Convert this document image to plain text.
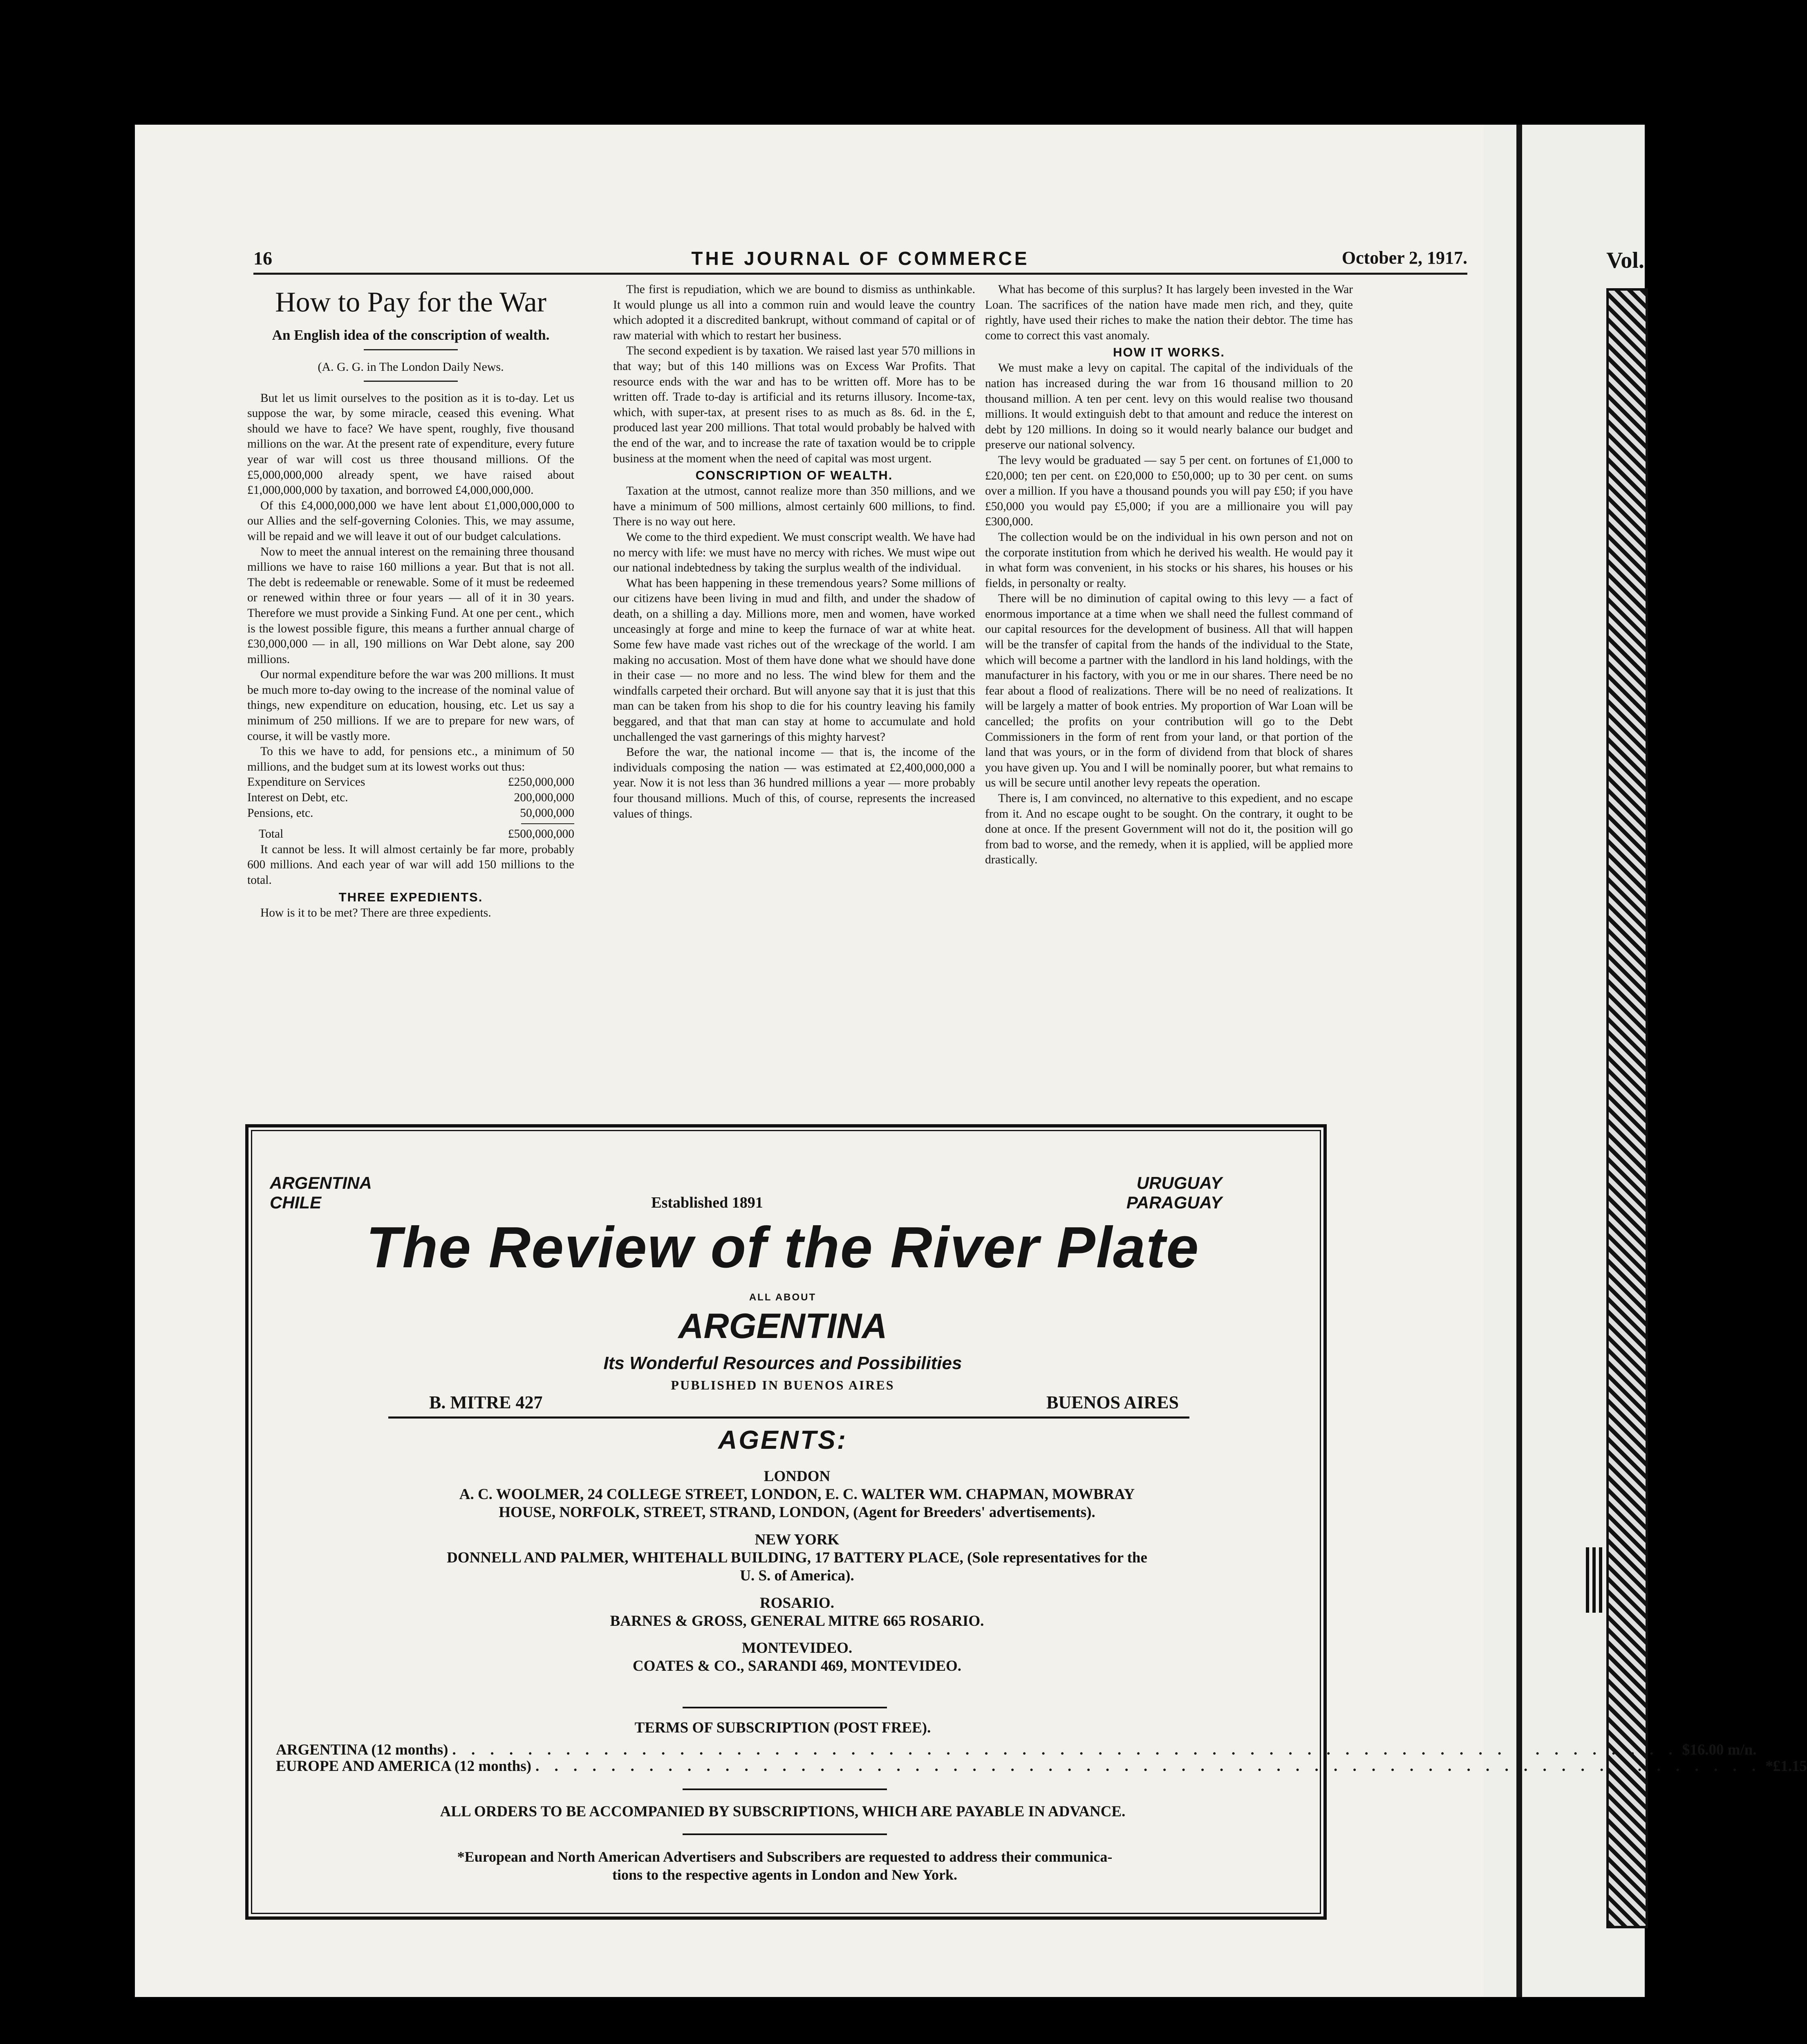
Vol.
16	THE JOURNAL OF COMMERCE	October 2, 1917.
How to Pay for the War
An English idea of the conscription of wealth.
(A. G. G. in The London Daily News.

But let us limit ourselves to the position as it is to-day. Let us suppose the war, by some miracle, ceased this evening. What should we have to face? We have spent, roughly, five thousand millions on the war. At the present rate of expenditure, every future year of war will cost us three thousand millions. Of the £5,000,000,000 already spent, we have raised about £1,000,000,000 by taxation, and borrowed £4,000,000,000.

Of this £4,000,000,000 we have lent about £1,000,000,000 to our Allies and the self-governing Colonies. This, we may assume, will be repaid and we will leave it out of our budget calculations.

Now to meet the annual interest on the remaining three thousand millions we have to raise 160 millions a year. But that is not all. The debt is redeemable or renewable. Some of it must be redeemed or renewed within three or four years — all of it in 30 years. Therefore we must provide a Sinking Fund. At one per cent., which is the lowest possible figure, this means a further annual charge of £30,000,000 — in all, 190 millions on War Debt alone, say 200 millions.

Our normal expenditure before the war was 200 millions. It must be much more to-day owing to the increase of the nominal value of things, new expenditure on education, housing, etc. Let us say a minimum of 250 millions. If we are to prepare for new wars, of course, it will be vastly more.

To this we have to add, for pensions etc., a minimum of 50 millions, and the budget sum at its lowest works out thus:

Expenditure on Services	£250,000,000
Interest on Debt, etc.	200,000,000
Pensions, etc.	50,000,000
Total	£500,000,000

It cannot be less. It will almost certainly be far more, probably 600 millions. And each year of war will add 150 millions to the total.

THREE EXPEDIENTS.

How is it to be met? There are three expedients.

The first is repudiation, which we are bound to dismiss as unthinkable. It would plunge us all into a common ruin and would leave the country which adopted it a discredited bankrupt, without command of capital or of raw material with which to restart her business.

The second expedient is by taxation. We raised last year 570 millions in that way; but of this 140 millions was on Excess War Profits. That resource ends with the war and has to be written off. More has to be written off. Trade to-day is artificial and its returns illusory. Income-tax, which, with super-tax, at present rises to as much as 8s. 6d. in the £, produced last year 200 millions. That total would probably be halved with the end of the war, and to increase the rate of taxation would be to cripple business at the moment when the need of capital was most urgent.

CONSCRIPTION OF WEALTH.

Taxation at the utmost, cannot realize more than 350 millions, and we have a minimum of 500 millions, almost certainly 600 millions, to find. There is no way out here.

We come to the third expedient. We must conscript wealth. We have had no mercy with life: we must have no mercy with riches. We must wipe out our national indebtedness by taking the surplus wealth of the individual.

What has been happening in these tremendous years? Some millions of our citizens have been living in mud and filth, and under the shadow of death, on a shilling a day. Millions more, men and women, have worked unceasingly at forge and mine to keep the furnace of war at white heat. Some few have made vast riches out of the wreckage of the world. I am making no accusation. Most of them have done what we should have done in their case — no more and no less. The wind blew for them and the windfalls carpeted their orchard. But will anyone say that it is just that this man can be taken from his shop to die for his country leaving his family beggared, and that that man can stay at home to accumulate and hold unchallenged the vast garnerings of this mighty harvest?

Before the war, the national income — that is, the income of the individuals composing the nation — was estimated at £2,400,000,000 a year. Now it is not less than 36 hundred millions a year — more probably four thousand millions. Much of this, of course, represents the increased values of things.

What has become of this surplus? It has largely been invested in the War Loan. The sacrifices of the nation have made men rich, and they, quite rightly, have used their riches to make the nation their debtor. The time has come to correct this vast anomaly.

HOW IT WORKS.

We must make a levy on capital. The capital of the individuals of the nation has increased during the war from 16 thousand million to 20 thousand million. A ten per cent. levy on this would realise two thousand millions. It would extinguish debt to that amount and reduce the interest on debt by 120 millions. In doing so it would nearly balance our budget and preserve our national solvency.

The levy would be graduated — say 5 per cent. on fortunes of £1,000 to £20,000; ten per cent. on £20,000 to £50,000; up to 30 per cent. on sums over a million. If you have a thousand pounds you will pay £50; if you have £50,000 you would pay £5,000; if you are a millionaire you will pay £300,000.

The collection would be on the individual in his own person and not on the corporate institution from which he derived his wealth. He would pay it in what form was convenient, in his stocks or his shares, his houses or his fields, in personalty or realty.

There will be no diminution of capital owing to this levy — a fact of enormous importance at a time when we shall need the fullest command of our capital resources for the development of business. All that will happen will be the transfer of capital from the hands of the individual to the State, which will become a partner with the landlord in his land holdings, with the manufacturer in his factory, with you or me in our shares. There need be no fear about a flood of realizations. There will be no need of realizations. It will be largely a matter of book entries. My proportion of War Loan will be cancelled; the profits on your contribution will go to the Debt Commissioners in the form of rent from your land, or that portion of the land that was yours, or in the form of dividend from that block of shares you have given up. You and I will be nominally poorer, but what remains to us will be secure until another levy repeats the operation.

There is, I am convinced, no alternative to this expedient, and no escape from it. And no escape ought to be sought. On the contrary, it ought to be done at once. If the present Government will not do it, the position will go from bad to worse, and the remedy, when it is applied, will be applied more drastically.

ARGENTINA
CHILE	Established 1891
URUGUAY
PARAGUAY
The Review of the River Plate
ALL ABOUT
ARGENTINA
Its Wonderful Resources and Possibilities
PUBLISHED IN BUENOS AIRES
B. MITRE 427	BUENOS AIRES
AGENTS:
LONDON
A. C. WOOLMER, 24 COLLEGE STREET, LONDON, E. C. WALTER WM. CHAPMAN, MOWBRAY
HOUSE, NORFOLK, STREET, STRAND, LONDON, (Agent for Breeders' advertisements).
NEW YORK
DONNELL AND PALMER, WHITEHALL BUILDING, 17 BATTERY PLACE, (Sole representatives for the
U. S. of America).
ROSARIO.
BARNES & GROSS, GENERAL MITRE 665 ROSARIO.
MONTEVIDEO.
COATES & CO., SARANDI 469, MONTEVIDEO.
TERMS OF SUBSCRIPTION (POST FREE).
ARGENTINA (12 months) . . . . . . . . . . . . . . . . . . . . . . . . . . . . . . . . . . . . . . . . . . . . . . . . . . . . . . . . . . . . . . . . . $16.00 m/n.
EUROPE AND AMERICA (12 months) . . . . . . . . . . . . . . . . . . . . . . . . . . . . . . . . . . . . . . . . . . . . . . . . . . . . . . . . . . . . . . . . . *£1.15
ALL ORDERS TO BE ACCOMPANIED BY SUBSCRIPTIONS, WHICH ARE PAYABLE IN ADVANCE.
*European and North American Advertisers and Subscribers are requested to address their communica-
tions to the respective agents in London and New York.
